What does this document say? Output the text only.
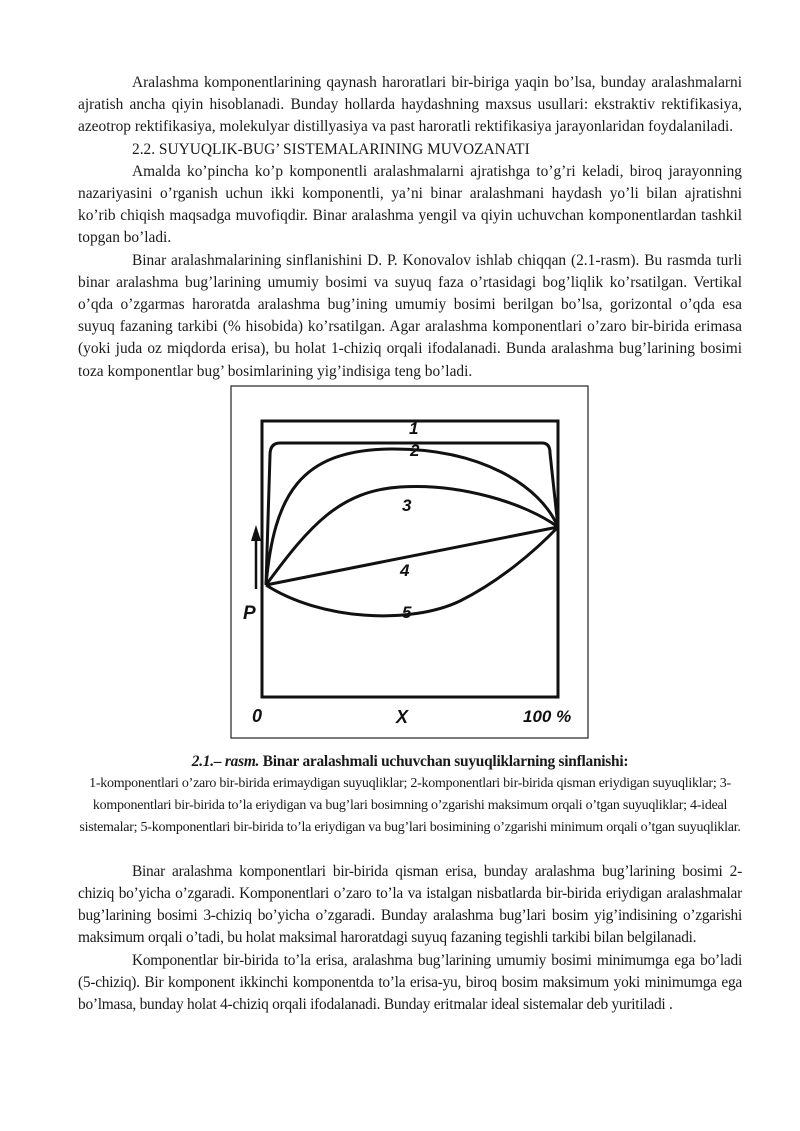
Aralashma komponentlarining qaynash haroratlari bir-biriga yaqin bo’lsa, bunday aralashmalarni ajratish ancha qiyin hisoblanadi. Bunday hollarda haydashning maxsus usullari: ekstraktiv rektifikasiya, azeotrop rektifikasiya, molekulyar distillyasiya va past haroratli rektifikasiya jarayonlaridan foydalaniladi.

2.2. SUYUQLIK-BUG’ SISTEMALARINING MUVOZANATI

Amalda ko’pincha ko’p komponentli aralashmalarni ajratishga to’g’ri keladi, biroq jarayonning nazariyasini o’rganish uchun ikki komponentli, ya’ni binar aralashmani haydash yo’li bilan ajratishni ko’rib chiqish maqsadga muvofiqdir. Binar aralashma yengil va qiyin uchuvchan komponentlardan tashkil topgan bo’ladi.

Binar aralashmalarining sinflanishini D. P. Konovalov ishlab chiqqan (2.1-rasm). Bu rasmda turli binar aralashma bug’larining umumiy bosimi va suyuq faza o’rtasidagi bog’liqlik ko’rsatilgan. Vertikal o’qda o’zgarmas haroratda aralashma bug’ining umumiy bosimi berilgan bo’lsa, gorizontal o’qda esa suyuq fazaning tarkibi (% hisobida) ko’rsatilgan. Agar aralashma komponentlari o’zaro bir-birida erimasa (yoki juda oz miqdorda erisa), bu holat 1-chiziq orqali ifodalanadi. Bunda aralashma bug’larining bosimi toza komponentlar bug’ bosimlarining yig’indisiga teng bo’ladi.

1
2
3
4
5
P
0	X	100 %
2.1.– rasm. Binar aralashmali uchuvchan suyuqliklarning sinflanishi:
1-komponentlari o’zaro bir-birida erimaydigan suyuqliklar; 2-komponentlari bir-birida qisman eriydigan suyuqliklar; 3-komponentlari bir-birida to’la eriydigan va bug’lari bosimning o’zgarishi maksimum orqali o’tgan suyuqliklar; 4-ideal sistemalar; 5-komponentlari bir-birida to’la eriydigan va bug’lari bosimining o’zgarishi minimum orqali o’tgan suyuqliklar.

Binar aralashma komponentlari bir-birida qisman erisa, bunday aralashma bug’larining bosimi 2-chiziq bo’yicha o’zgaradi. Komponentlari o’zaro to’la va istalgan nisbatlarda bir-birida eriydigan aralashmalar bug’larining bosimi 3-chiziq bo’yicha o’zgaradi. Bunday aralashma bug’lari bosim yig’indisining o’zgarishi maksimum orqali o’tadi, bu holat maksimal haroratdagi suyuq fazaning tegishli tarkibi bilan belgilanadi.

Komponentlar bir-birida to’la erisa, aralashma bug’larining umumiy bosimi minimumga ega bo’ladi (5-chiziq). Bir komponent ikkinchi komponentda to’la erisa-yu, biroq bosim maksimum yoki minimumga ega bo’lmasa, bunday holat 4-chiziq orqali ifodalanadi. Bunday eritmalar ideal sistemalar deb yuritiladi .
